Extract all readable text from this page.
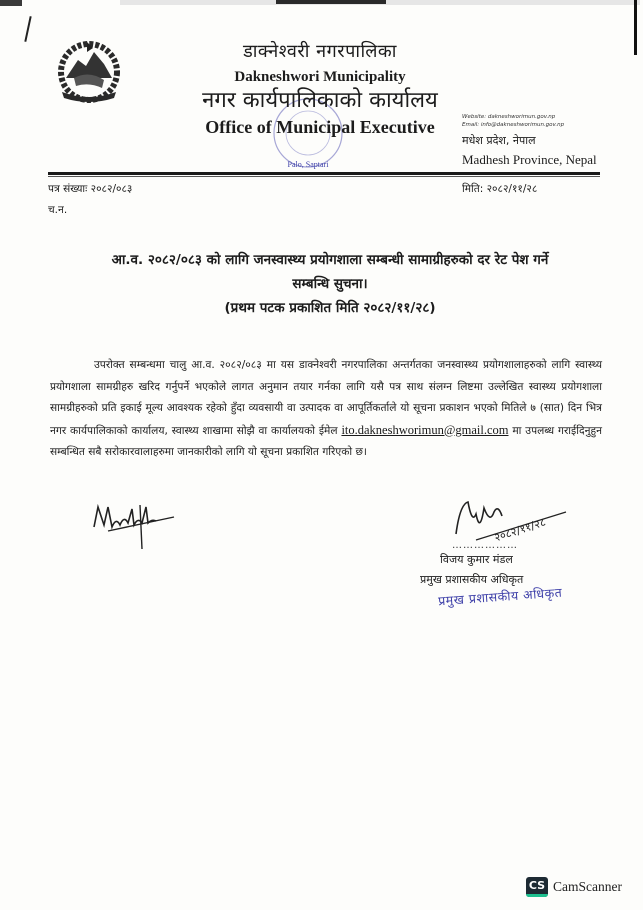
Palo, Saptari

डाक्नेश्वरी नगरपालिका

Dakneshwori Municipality

नगर कार्यपालिकाको कार्यालय

Office of Municipal Executive	Website: dakneshworimun.gov.np
Email: info@dakneshworimun.gov.np
मधेश प्रदेश, नेपाल
Madhesh Province, Nepal
पत्र संख्याः २०८२/०८३	मिति: २०८२/११/२८
च.न.

आ.व. २०८२/०८३ को लागि जनस्वास्थ्य प्रयोगशाला सम्बन्धी सामाग्रीहरुको दर रेट पेश गर्ने

सम्बन्धि सुचना।

(प्रथम पटक प्रकाशित मिति २०८२/११/२८)

उपरोक्त सम्बन्धमा चालु आ.व. २०८२/०८३ मा यस डाक्नेश्वरी नगरपालिका अन्तर्गतका जनस्वास्थ्य प्रयोगशालाहरुको लागि स्वास्थ्य प्रयोगशाला सामग्रीहरु खरिद गर्नुपर्ने भएकोले लागत अनुमान तयार गर्नका लागि यसै पत्र साथ संलग्न लिष्टमा उल्लेखित स्वास्थ्य प्रयोगशाला सामग्रीहरुको प्रति इकाई मूल्य आवश्यक रहेको हुँदा व्यवसायी वा उत्पादक वा आपूर्तिकर्ताले यो सूचना प्रकाशन भएको मितिले ७ (सात) दिन भित्र नगर कार्यपालिकाको कार्यालय, स्वास्थ्य शाखामा सोझै वा कार्यालयको ईमेल ito.dakneshworimun@gmail.com मा उपलब्ध गराईदिनुहुन सम्बन्धित सबै सरोकारवालाहरुमा जानकारीको लागि यो सूचना प्रकाशित गरिएको छ।

२०८२/११/२८
………………
विजय कुमार मंडल
प्रमुख प्रशासकीय अधिकृत
प्रमुख प्रशासकीय अधिकृत
CS CamScanner
